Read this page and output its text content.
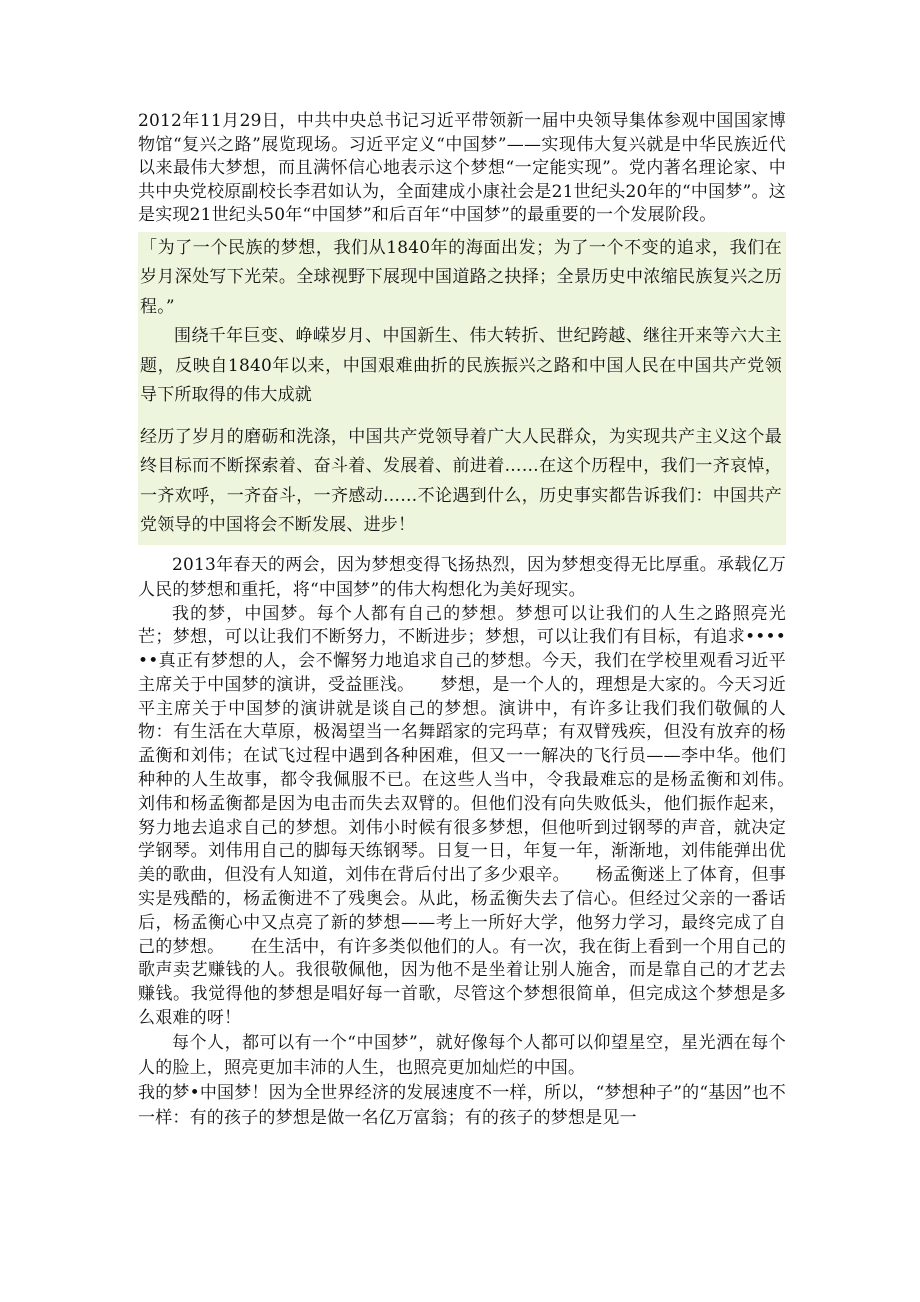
2012年11月29日，中共中央总书记习近平带领新一届中央领导集体参观中国国家博物馆“复兴之路”展览现场。习近平定义“中国梦”——实现伟大复兴就是中华民族近代以来最伟大梦想，而且满怀信心地表示这个梦想“一定能实现”。党内著名理论家、中共中央党校原副校长李君如认为，全面建成小康社会是21世纪头20年的“中国梦”。这是实现21世纪头50年“中国梦”和后百年“中国梦”的最重要的一个发展阶段。

「为了一个民族的梦想，我们从1840年的海面出发；为了一个不变的追求，我们在岁月深处写下光荣。全球视野下展现中国道路之抉择；全景历史中浓缩民族复兴之历程。”

围绕千年巨变、峥嵘岁月、中国新生、伟大转折、世纪跨越、继往开来等六大主题，反映自1840年以来，中国艰难曲折的民族振兴之路和中国人民在中国共产党领导下所取得的伟大成就

经历了岁月的磨砺和洗涤，中国共产党领导着广大人民群众，为实现共产主义这个最终目标而不断探索着、奋斗着、发展着、前进着……在这个历程中，我们一齐哀悼，一齐欢呼，一齐奋斗，一齐感动……不论遇到什么，历史事实都告诉我们：中国共产党领导的中国将会不断发展、进步！

2013年春天的两会，因为梦想变得飞扬热烈，因为梦想变得无比厚重。承载亿万人民的梦想和重托，将“中国梦”的伟大构想化为美好现实。

我的梦，中国梦。每个人都有自己的梦想。梦想可以让我们的人生之路照亮光芒；梦想，可以让我们不断努力，不断进步；梦想，可以让我们有目标，有追求••••••真正有梦想的人，会不懈努力地追求自己的梦想。今天，我们在学校里观看习近平主席关于中国梦的演讲，受益匪浅。　　梦想，是一个人的，理想是大家的。今天习近平主席关于中国梦的演讲就是谈自己的梦想。演讲中，有许多让我们我们敬佩的人物：有生活在大草原，极渴望当一名舞蹈家的完玛草；有双臂残疾，但没有放弃的杨孟衡和刘伟；在试飞过程中遇到各种困难，但又一一解决的飞行员——李中华。他们种种的人生故事，都令我佩服不已。在这些人当中，令我最难忘的是杨孟衡和刘伟。　　刘伟和杨孟衡都是因为电击而失去双臂的。但他们没有向失败低头，他们振作起来，努力地去追求自己的梦想。刘伟小时候有很多梦想，但他听到过钢琴的声音，就决定学钢琴。刘伟用自己的脚每天练钢琴。日复一日，年复一年，渐渐地，刘伟能弹出优美的歌曲，但没有人知道，刘伟在背后付出了多少艰辛。　　杨孟衡迷上了体育，但事实是残酷的，杨孟衡进不了残奥会。从此，杨孟衡失去了信心。但经过父亲的一番话后，杨孟衡心中又点亮了新的梦想——考上一所好大学，他努力学习，最终完成了自己的梦想。　　在生活中，有许多类似他们的人。有一次，我在街上看到一个用自己的歌声卖艺赚钱的人。我很敬佩他，因为他不是坐着让别人施舍，而是靠自己的才艺去赚钱。我觉得他的梦想是唱好每一首歌，尽管这个梦想很简单，但完成这个梦想是多么艰难的呀！

每个人，都可以有一个“中国梦”，就好像每个人都可以仰望星空，星光洒在每个人的脸上，照亮更加丰沛的人生，也照亮更加灿烂的中国。

我的梦•中国梦！因为全世界经济的发展速度不一样，所以，“梦想种子”的“基因”也不一样：有的孩子的梦想是做一名亿万富翁；有的孩子的梦想是见一
